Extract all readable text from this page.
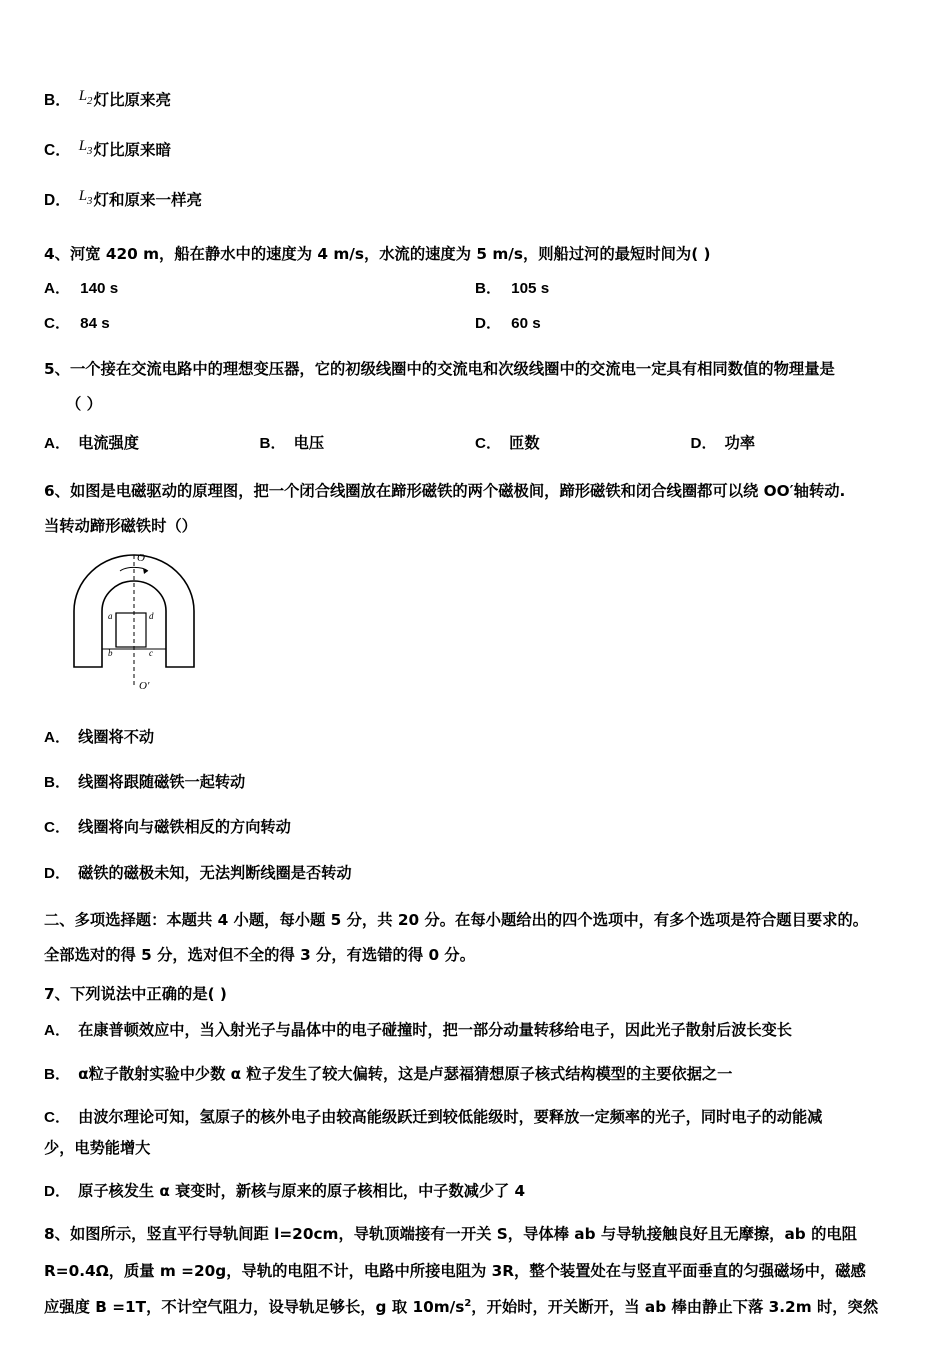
B． $L_2$ 灯比原来亮
C． $L_3$ 灯比原来暗
D． $L_3$ 灯和原来一样亮
4、河宽 420 m，船在静水中的速度为 4 m/s，水流的速度为 5 m/s，则船过河的最短时间为( )
A． 140 s	B． 105 s
C． 84 s	D． 60 s
5、一个接在交流电路中的理想变压器，它的初级线圈中的交流电和次级线圈中的交流电一定具有相同数值的物理量是
（ ）
A． 电流强度	B． 电压	C． 匝数	D． 功率
6、如图是电磁驱动的原理图，把一个闭合线圈放在蹄形磁铁的两个磁极间，蹄形磁铁和闭合线圈都可以绕 OO′轴转动.
当转动蹄形磁铁时（）
O
O′
a	d
b	c
A． 线圈将不动
B． 线圈将跟随磁铁一起转动
C． 线圈将向与磁铁相反的方向转动
D． 磁铁的磁极未知，无法判断线圈是否转动
二、多项选择题：本题共 4 小题，每小题 5 分，共 20 分。在每小题给出的四个选项中，有多个选项是符合题目要求的。
全部选对的得 5 分，选对但不全的得 3 分，有选错的得 0 分。
7、下列说法中正确的是( )
A． 在康普顿效应中，当入射光子与晶体中的电子碰撞时，把一部分动量转移给电子，因此光子散射后波长变长
B． α粒子散射实验中少数 α 粒子发生了较大偏转，这是卢瑟福猜想原子核式结构模型的主要依据之一
C． 由波尔理论可知，氢原子的核外电子由较高能级跃迁到较低能级时，要释放一定频率的光子，同时电子的动能减
少，电势能增大
D． 原子核发生 α 衰变时，新核与原来的原子核相比，中子数减少了 4
8、如图所示，竖直平行导轨间距 l=20cm，导轨顶端接有一开关 S，导体棒 ab 与导轨接触良好且无摩擦，ab 的电阻
R=0.4Ω，质量 m =20g，导轨的电阻不计，电路中所接电阻为 3R，整个装置处在与竖直平面垂直的匀强磁场中，磁感
应强度 B =1T，不计空气阻力，设导轨足够长，g 取 $10m/s^2$，开始时，开关断开，当 ab 棒由静止下落 3.2m 时，突然
